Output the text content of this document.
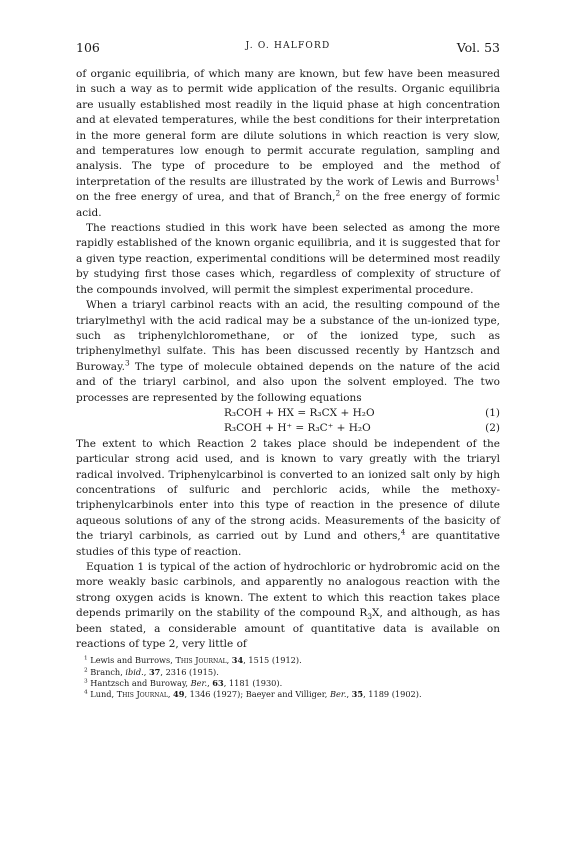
106	J. O. HALFORD	Vol. 53

of organic equilibria, of which many are known, but few have been measured in such a way as to permit wide application of the results. Organic equilibria are usually established most readily in the liquid phase at high concentration and at elevated temperatures, while the best conditions for their interpretation in the more general form are dilute solutions in which reaction is very slow, and temperatures low enough to permit accurate regulation, sampling and analysis. The type of procedure to be employed and the method of interpretation of the results are illustrated by the work of Lewis and Burrows$^1$ on the free energy of urea, and that of Branch,$^2$ on the free energy of formic acid.

The reactions studied in this work have been selected as among the more rapidly established of the known organic equilibria, and it is suggested that for a given type reaction, experimental conditions will be determined most readily by studying first those cases which, regardless of complexity of structure of the compounds involved, will permit the simplest experimental procedure.

When a triaryl carbinol reacts with an acid, the resulting compound of the triarylmethyl with the acid radical may be a substance of the un-ionized type, such as triphenylchloromethane, or of the ionized type, such as triphenylmethyl sulfate. This has been discussed recently by Hantzsch and Buroway.$^3$ The type of molecule obtained depends on the nature of the acid and of the triaryl carbinol, and also upon the solvent employed. The two processes are represented by the following equations

R₃COH + HX = R₃CX + H₂O	(1)
R₃COH + H⁺ = R₃C⁺ + H₂O	(2)

The extent to which Reaction 2 takes place should be independent of the particular strong acid used, and is known to vary greatly with the triaryl radical involved. Triphenylcarbinol is converted to an ionized salt only by high concentrations of sulfuric and perchloric acids, while the methoxy-triphenylcarbinols enter into this type of reaction in the presence of dilute aqueous solutions of any of the strong acids. Measurements of the basicity of the triaryl carbinols, as carried out by Lund and others,$^4$ are quantitative studies of this type of reaction.

Equation 1 is typical of the action of hydrochloric or hydrobromic acid on the more weakly basic carbinols, and apparently no analogous reaction with the strong oxygen acids is known. The extent to which this reaction takes place depends primarily on the stability of the compound $R_3X$, and although, as has been stated, a considerable amount of quantitative data is available on reactions of type 2, very little of

$^1$ Lewis and Burrows, This Journal, 34, 1515 (1912).
$^2$ Branch, ibid., 37, 2316 (1915).
$^3$ Hantzsch and Buroway, Ber., 63, 1181 (1930).
$^4$ Lund, This Journal, 49, 1346 (1927); Baeyer and Villiger, Ber., 35, 1189 (1902).
